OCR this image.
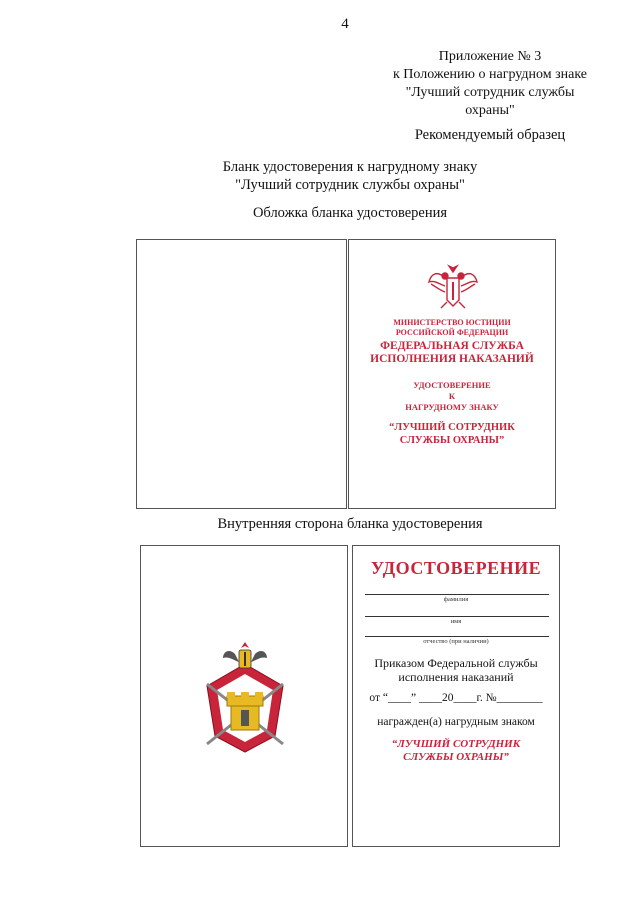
4
Приложение № 3
к Положению о нагрудном знаке
"Лучший сотрудник службы
охраны"
Рекомендуемый образец
Бланк удостоверения к нагрудному знаку
"Лучший сотрудник службы охраны"
Обложка бланка удостоверения
МИНИСТЕРСТВО ЮСТИЦИИ
РОССИЙСКОЙ ФЕДЕРАЦИИ
ФЕДЕРАЛЬНАЯ СЛУЖБА
ИСПОЛНЕНИЯ НАКАЗАНИЙ
УДОСТОВЕРЕНИЕ
К
НАГРУДНОМУ ЗНАКУ
“ЛУЧШИЙ СОТРУДНИК
СЛУЖБЫ ОХРАНЫ”
Внутренняя сторона бланка удостоверения
УДОСТОВЕРЕНИЕ
фамилия
имя
отчество (при наличии)
Приказом Федеральной службы
исполнения наказаний
от “____” ____20____г. №________
награжден(а) нагрудным знаком
“ЛУЧШИЙ СОТРУДНИК
СЛУЖБЫ ОХРАНЫ”
